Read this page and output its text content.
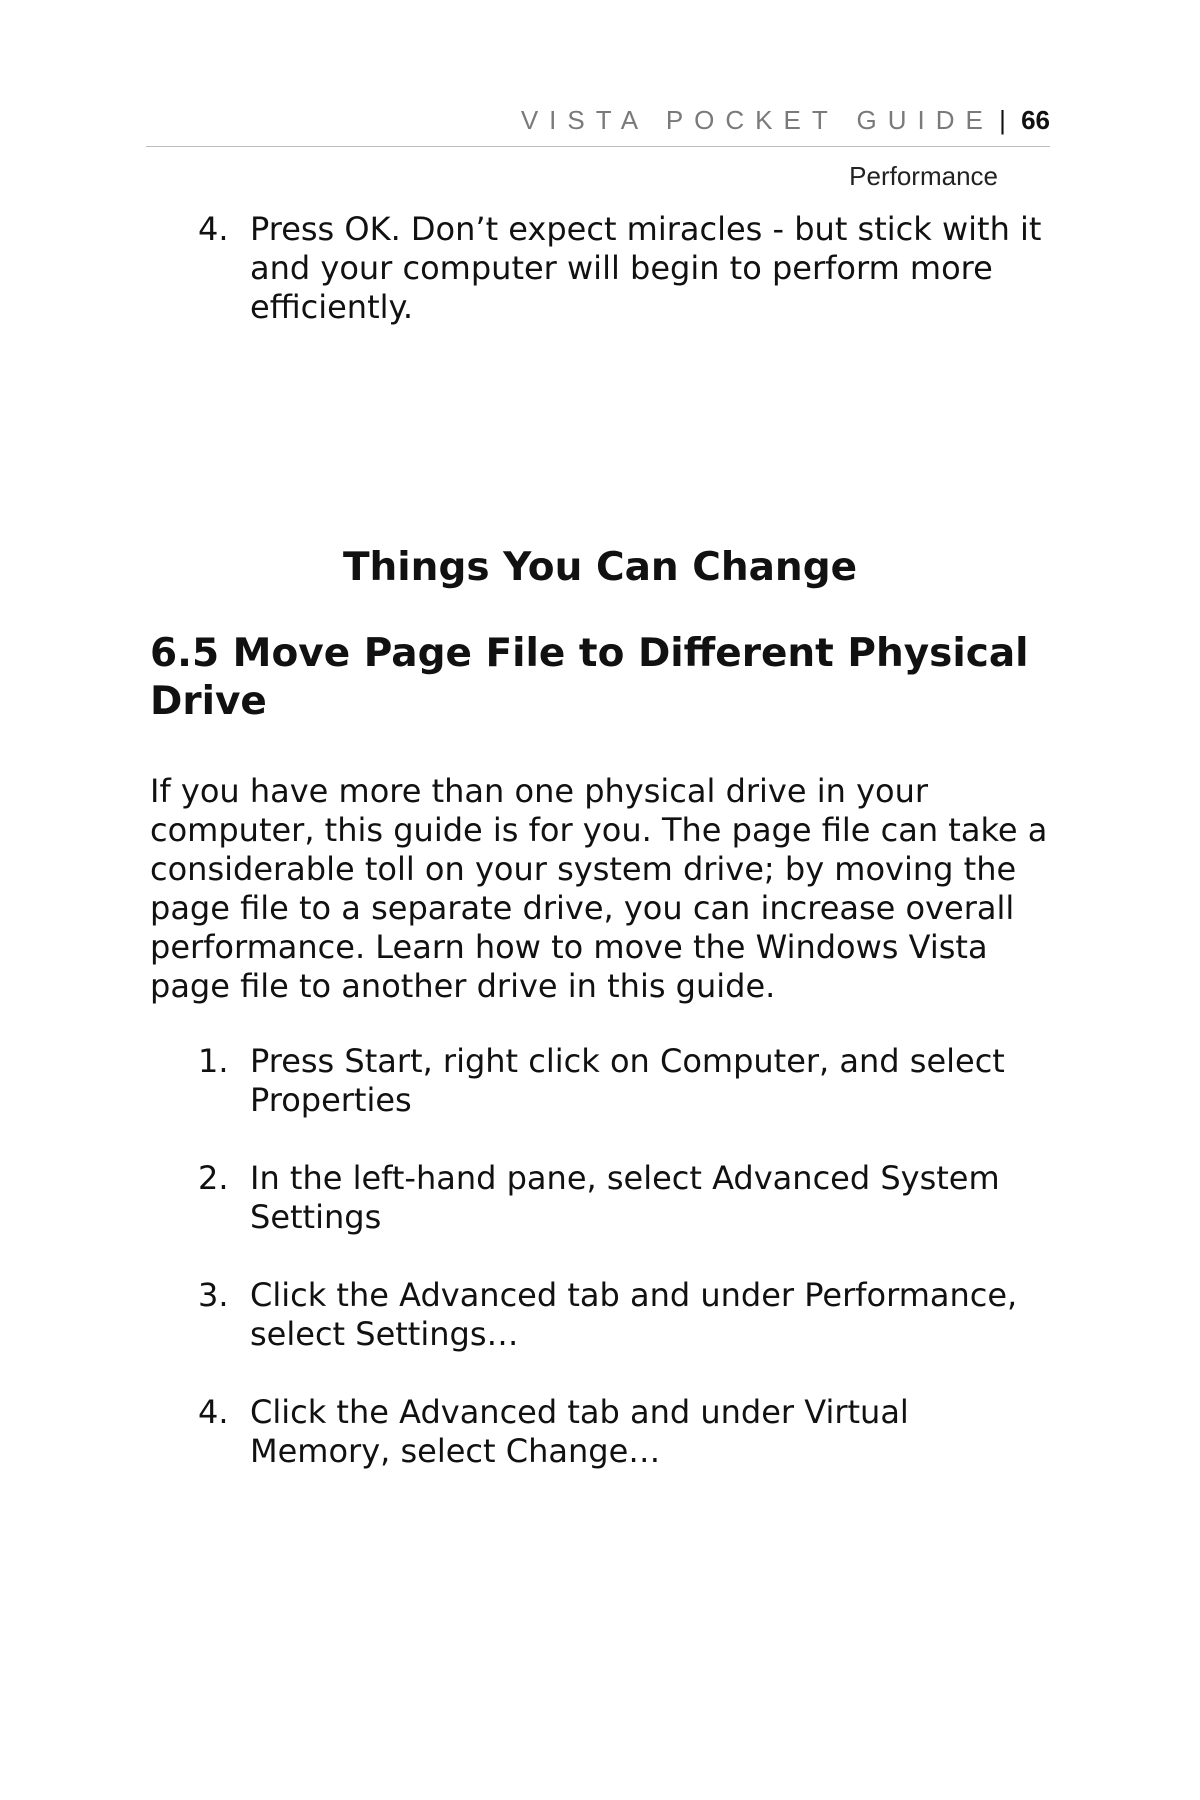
VISTA POCKET GUIDE | 66
Performance
4. Press OK. Don’t expect miracles - but stick with it and your computer will begin to perform more efficiently.
Things You Can Change
6.5 Move Page File to Different Physical Drive

If you have more than one physical drive in your computer, this guide is for you. The page file can take a considerable toll on your system drive; by moving the page file to a separate drive, you can increase overall performance. Learn how to move the Windows Vista page file to another drive in this guide.

1. Press Start, right click on Computer, and select Properties
2. In the left-hand pane, select Advanced System Settings
3. Click the Advanced tab and under Performance, select Settings…
4. Click the Advanced tab and under Virtual Memory, select Change…
